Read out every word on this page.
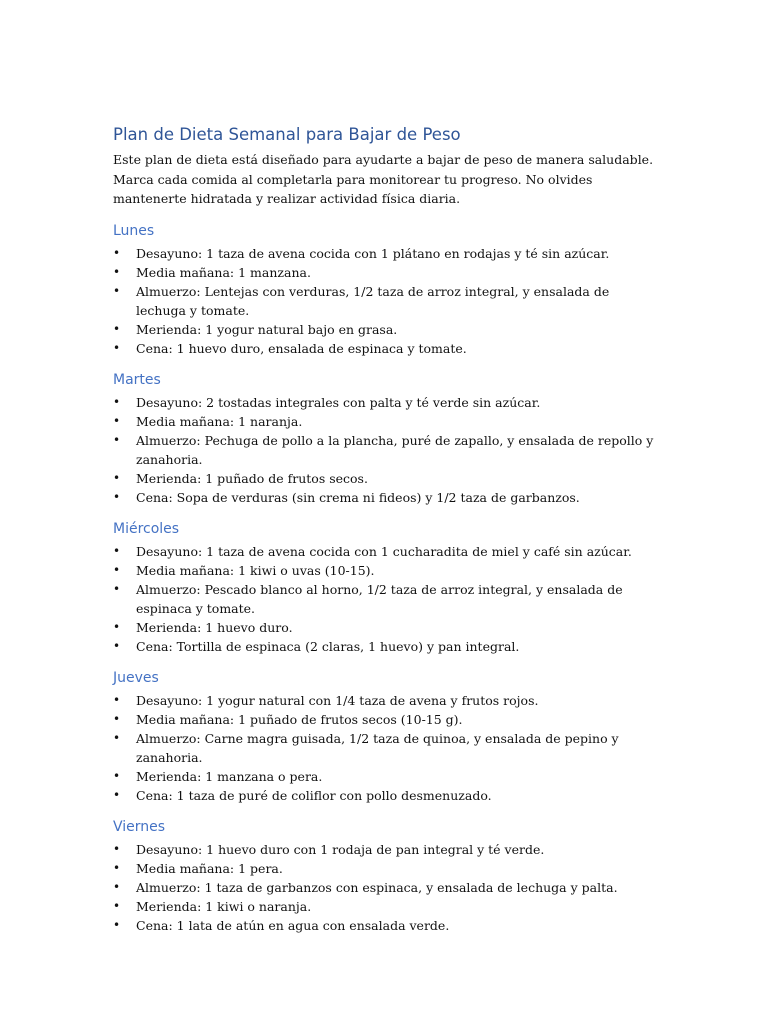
Plan de Dieta Semanal para Bajar de Peso

Este plan de dieta está diseñado para ayudarte a bajar de peso de manera saludable. Marca cada comida al completarla para monitorear tu progreso. No olvides mantenerte hidratada y realizar actividad física diaria.

Lunes
• Desayuno: 1 taza de avena cocida con 1 plátano en rodajas y té sin azúcar.
• Media mañana: 1 manzana.
• Almuerzo: Lentejas con verduras, 1/2 taza de arroz integral, y ensalada de lechuga y tomate.
• Merienda: 1 yogur natural bajo en grasa.
• Cena: 1 huevo duro, ensalada de espinaca y tomate.
Martes
• Desayuno: 2 tostadas integrales con palta y té verde sin azúcar.
• Media mañana: 1 naranja.
• Almuerzo: Pechuga de pollo a la plancha, puré de zapallo, y ensalada de repollo y zanahoria.
• Merienda: 1 puñado de frutos secos.
• Cena: Sopa de verduras (sin crema ni fideos) y 1/2 taza de garbanzos.
Miércoles
• Desayuno: 1 taza de avena cocida con 1 cucharadita de miel y café sin azúcar.
• Media mañana: 1 kiwi o uvas (10-15).
• Almuerzo: Pescado blanco al horno, 1/2 taza de arroz integral, y ensalada de espinaca y tomate.
• Merienda: 1 huevo duro.
• Cena: Tortilla de espinaca (2 claras, 1 huevo) y pan integral.
Jueves
• Desayuno: 1 yogur natural con 1/4 taza de avena y frutos rojos.
• Media mañana: 1 puñado de frutos secos (10-15 g).
• Almuerzo: Carne magra guisada, 1/2 taza de quinoa, y ensalada de pepino y zanahoria.
• Merienda: 1 manzana o pera.
• Cena: 1 taza de puré de coliflor con pollo desmenuzado.
Viernes
• Desayuno: 1 huevo duro con 1 rodaja de pan integral y té verde.
• Media mañana: 1 pera.
• Almuerzo: 1 taza de garbanzos con espinaca, y ensalada de lechuga y palta.
• Merienda: 1 kiwi o naranja.
• Cena: 1 lata de atún en agua con ensalada verde.
